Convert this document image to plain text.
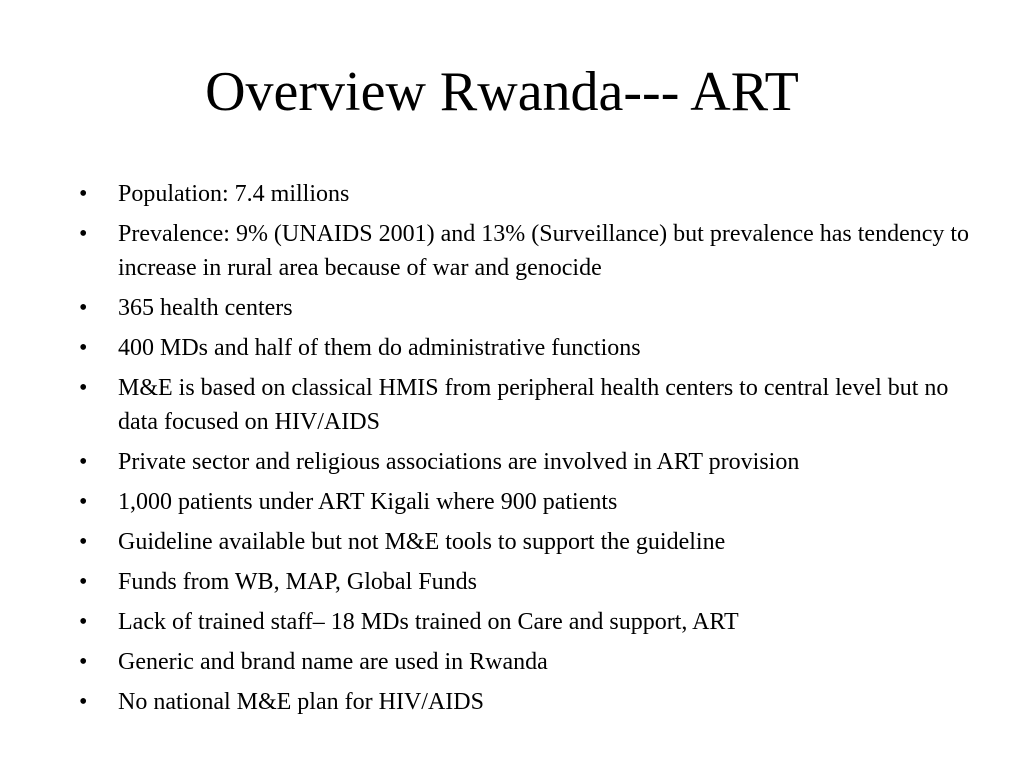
Overview Rwanda--- ART
•	Population: 7.4 millions
•	Prevalence: 9% (UNAIDS 2001) and 13% (Surveillance) but prevalence has tendency to increase in rural area because of war and genocide
•	365 health centers
•	400 MDs and half of them do administrative functions
•	M&E is based on classical HMIS from peripheral health centers to central level but no data focused on HIV/AIDS
•	Private sector and religious associations are involved in ART provision
•	1,000 patients under ART Kigali where 900 patients
•	Guideline available but not M&E tools to support the guideline
•	Funds from WB, MAP, Global Funds
•	Lack of trained staff– 18 MDs trained on Care and support, ART
•	Generic and brand name are used in Rwanda
•	No national M&E plan for HIV/AIDS
